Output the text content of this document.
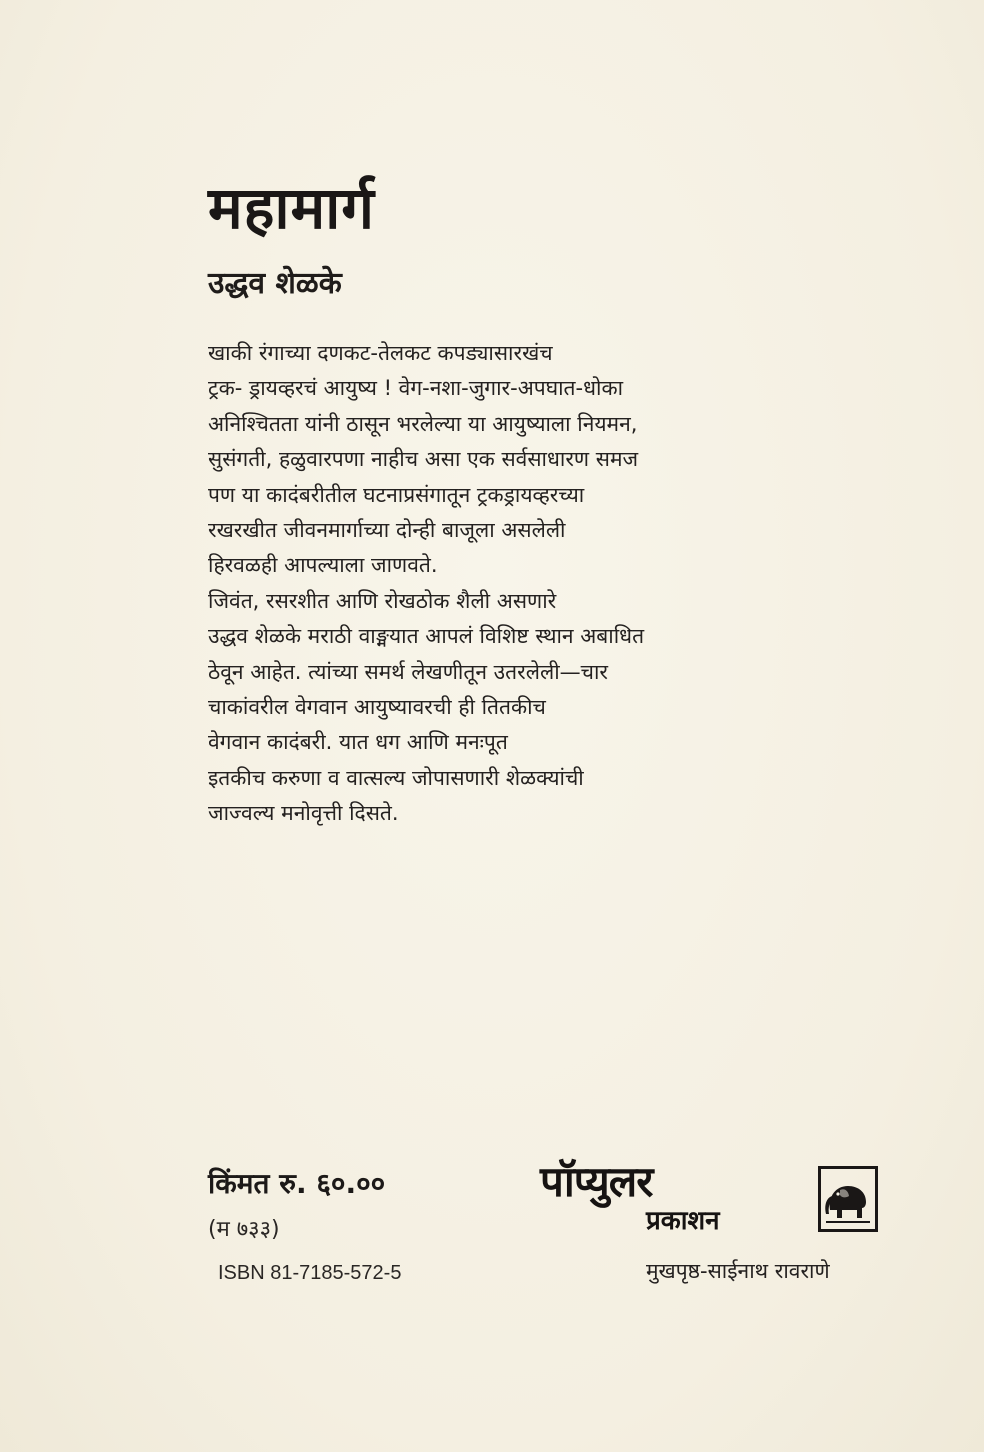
महामार्ग
उद्धव शेळके
खाकी रंगाच्या दणकट-तेलकट कपड्यासारखंच
ट्रक- ड्रायव्हरचं आयुष्य ! वेग-नशा-जुगार-अपघात-धोका
अनिश्चितता यांनी ठासून भरलेल्या या आयुष्याला नियमन,
सुसंगती, हळुवारपणा नाहीच असा एक सर्वसाधारण समज
पण या कादंबरीतील घटनाप्रसंगातून ट्रकड्रायव्हरच्या
रखरखीत जीवनमार्गाच्या दोन्ही बाजूला असलेली
हिरवळही आपल्याला जाणवते.
जिवंत, रसरशीत आणि रोखठोक शैली असणारे
उद्धव शेळके मराठी वाङ्मयात आपलं विशिष्ट स्थान अबाधित
ठेवून आहेत. त्यांच्या समर्थ लेखणीतून उतरलेली—चार
चाकांवरील वेगवान आयुष्यावरची ही तितकीच
वेगवान कादंबरी. यात धग आणि मनःपूत
इतकीच करुणा व वात्सल्य जोपासणारी शेळक्यांची
जाज्वल्य मनोवृत्ती दिसते.
किंमत रु. ६०.००
(म ७३३)
ISBN 81-7185-572-5
पॉप्युलर
प्रकाशन
मुखपृष्ठ-साईनाथ रावराणे
